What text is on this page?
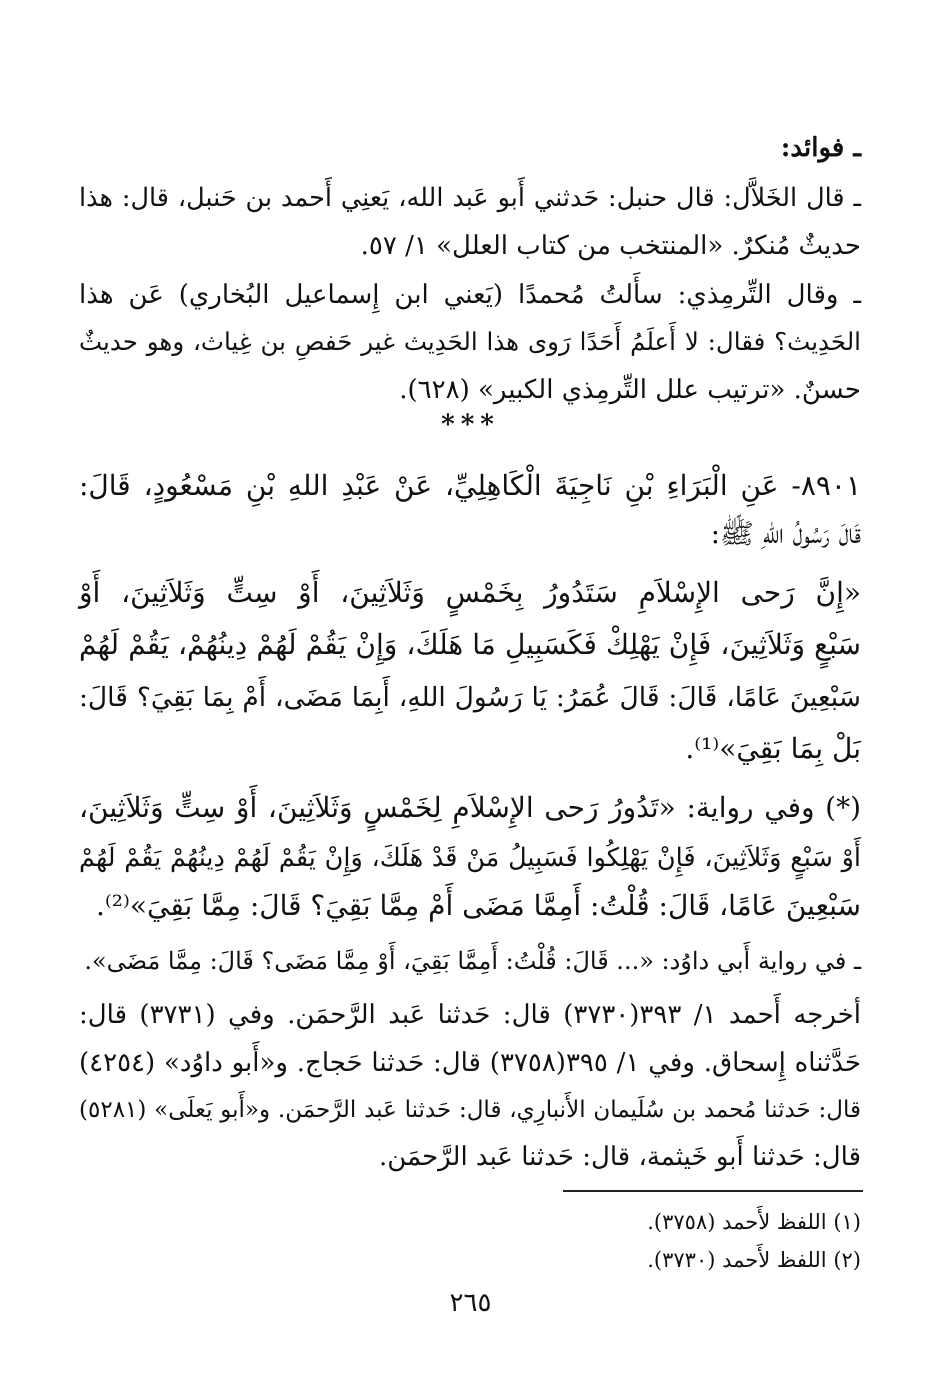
ـ فوائد:
ـ قال الخَلاَّل: قال حنبل: حَدثني أَبو عَبد الله، يَعنِي أَحمد بن حَنبل، قال: هذا
حديثٌ مُنكرٌ. «المنتخب من كتاب العلل» ١/ ٥٧.
ـ وقال التِّرمِذي: سأَلتُ مُحمدًا (يَعني ابن إِسماعيل البُخاري) عَن هذا
الحَدِيث؟ فقال: لا أَعلَمُ أَحَدًا رَوى هذا الحَدِيث غير حَفصِ بن غِياث، وهو حديثٌ
حسنٌ. «ترتيب علل التِّرمِذي الكبير» (٦٢٨).
***
٨٩٠١- عَنِ الْبَرَاءِ بْنِ نَاجِيَةَ الْكَاهِلِيِّ، عَنْ عَبْدِ اللهِ بْنِ مَسْعُودٍ، قَالَ:
قَالَ رَسُولُ اللهِ ﷺ:
«إِنَّ رَحى الإِسْلاَمِ سَتَدُورُ بِخَمْسٍ وَثَلاَثِينَ، أَوْ سِتٍّ وَثَلاَثِينَ، أَوْ
سَبْعٍ وَثَلاَثِينَ، فَإِنْ يَهْلِكْ فَكَسَبِيلِ مَا هَلَكَ، وَإِنْ يَقُمْ لَهُمْ دِينُهُمْ، يَقُمْ لَهُمْ
سَبْعِينَ عَامًا، قَالَ: قَالَ عُمَرُ: يَا رَسُولَ اللهِ، أَبِمَا مَضَى، أَمْ بِمَا بَقِيَ؟ قَالَ:
بَلْ بِمَا بَقِيَ»⁽¹⁾.
(*) وفي رواية: «تَدُورُ رَحى الإِسْلاَمِ لِخَمْسٍ وَثَلاَثِينَ، أَوْ سِتٍّ وَثَلاَثِينَ،
أَوْ سَبْعٍ وَثَلاَثِينَ، فَإِنْ يَهْلِكُوا فَسَبِيلُ مَنْ قَدْ هَلَكَ، وَإِنْ يَقُمْ لَهُمْ دِينُهُمْ يَقُمْ لَهُمْ
سَبْعِينَ عَامًا، قَالَ: قُلْتُ: أَمِمَّا مَضَى أَمْ مِمَّا بَقِيَ؟ قَالَ: مِمَّا بَقِيَ»⁽²⁾.
ـ في رواية أَبي داوُد: «... قَالَ: قُلْتُ: أَمِمَّا بَقِيَ، أَوْ مِمَّا مَضَى؟ قَالَ: مِمَّا مَضَى».
أخرجه أَحمد ١/ ٣٩٣(٣٧٣٠) قال: حَدثنا عَبد الرَّحمَن. وفي (٣٧٣١) قال:
حَدَّثناه إِسحاق. وفي ١/ ٣٩٥(٣٧٥٨) قال: حَدثنا حَجاج. و«أَبو داوُد» (٤٢٥٤)
قال: حَدثنا مُحمد بن سُلَيمان الأَنبارِي، قال: حَدثنا عَبد الرَّحمَن. و«أَبو يَعلَى» (٥٢٨١)
قال: حَدثنا أَبو خَيثمة، قال: حَدثنا عَبد الرَّحمَن.
(١) اللفظ لأَحمد (٣٧٥٨).
(٢) اللفظ لأَحمد (٣٧٣٠).
٢٦٥
